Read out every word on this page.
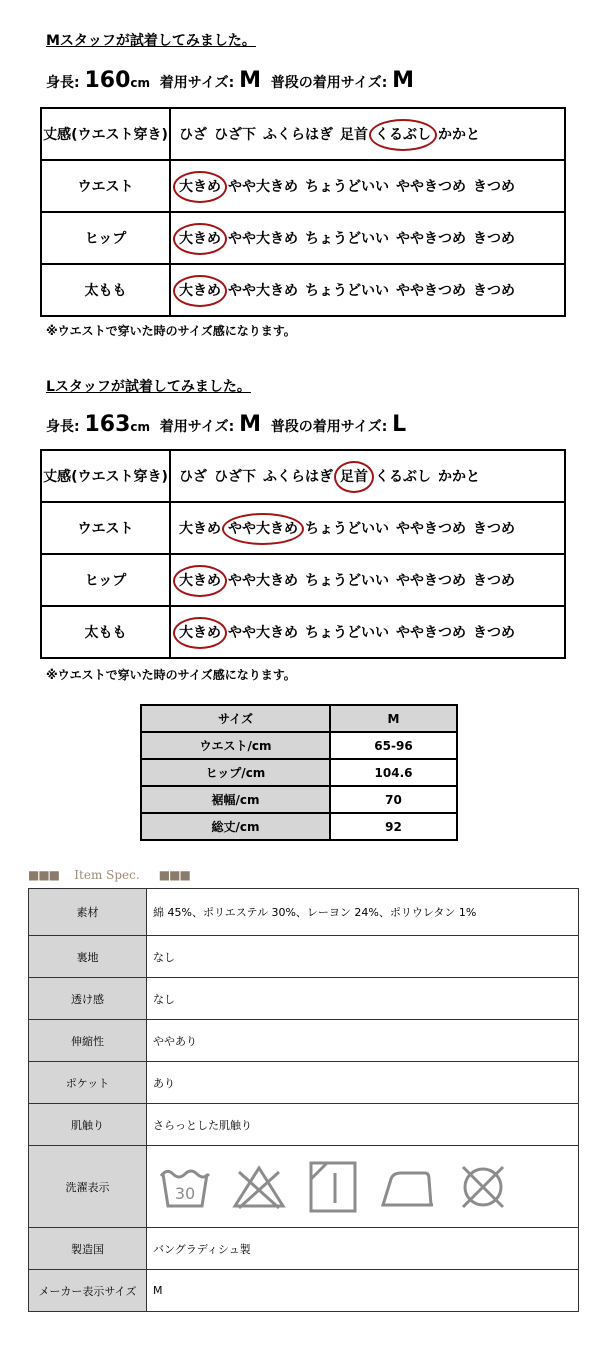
Mスタッフが試着してみました。
身長: 160cm 着用サイズ: M 普段の着用サイズ: M
丈感(ウエスト穿き)	ひざ ひざ下 ふくらはぎ 足首 くるぶし かかと
ウエスト	大きめ やや大きめ ちょうどいい ややきつめ きつめ
ヒップ	大きめ やや大きめ ちょうどいい ややきつめ きつめ
太もも	大きめ やや大きめ ちょうどいい ややきつめ きつめ
※ウエストで穿いた時のサイズ感になります。
Lスタッフが試着してみました。
身長: 163cm 着用サイズ: M 普段の着用サイズ: L
丈感(ウエスト穿き)	ひざ ひざ下 ふくらはぎ 足首 くるぶし かかと
ウエスト	大きめ やや大きめ ちょうどいい ややきつめ きつめ
ヒップ	大きめ やや大きめ ちょうどいい ややきつめ きつめ
太もも	大きめ やや大きめ ちょうどいい ややきつめ きつめ
※ウエストで穿いた時のサイズ感になります。
サイズ	M
ウエスト/cm	65-96
ヒップ/cm	104.6
裾幅/cm	70
総丈/cm	92
■■■ Item Spec. ■■■
素材	綿 45%、ポリエステル 30%、レーヨン 24%、ポリウレタン 1%
裏地	なし
透け感	なし
伸縮性	ややあり
ポケット	あり
肌触り	さらっとした肌触り
洗濯表示	30

製造国	バングラディシュ製
メーカー表示サイズ	M
